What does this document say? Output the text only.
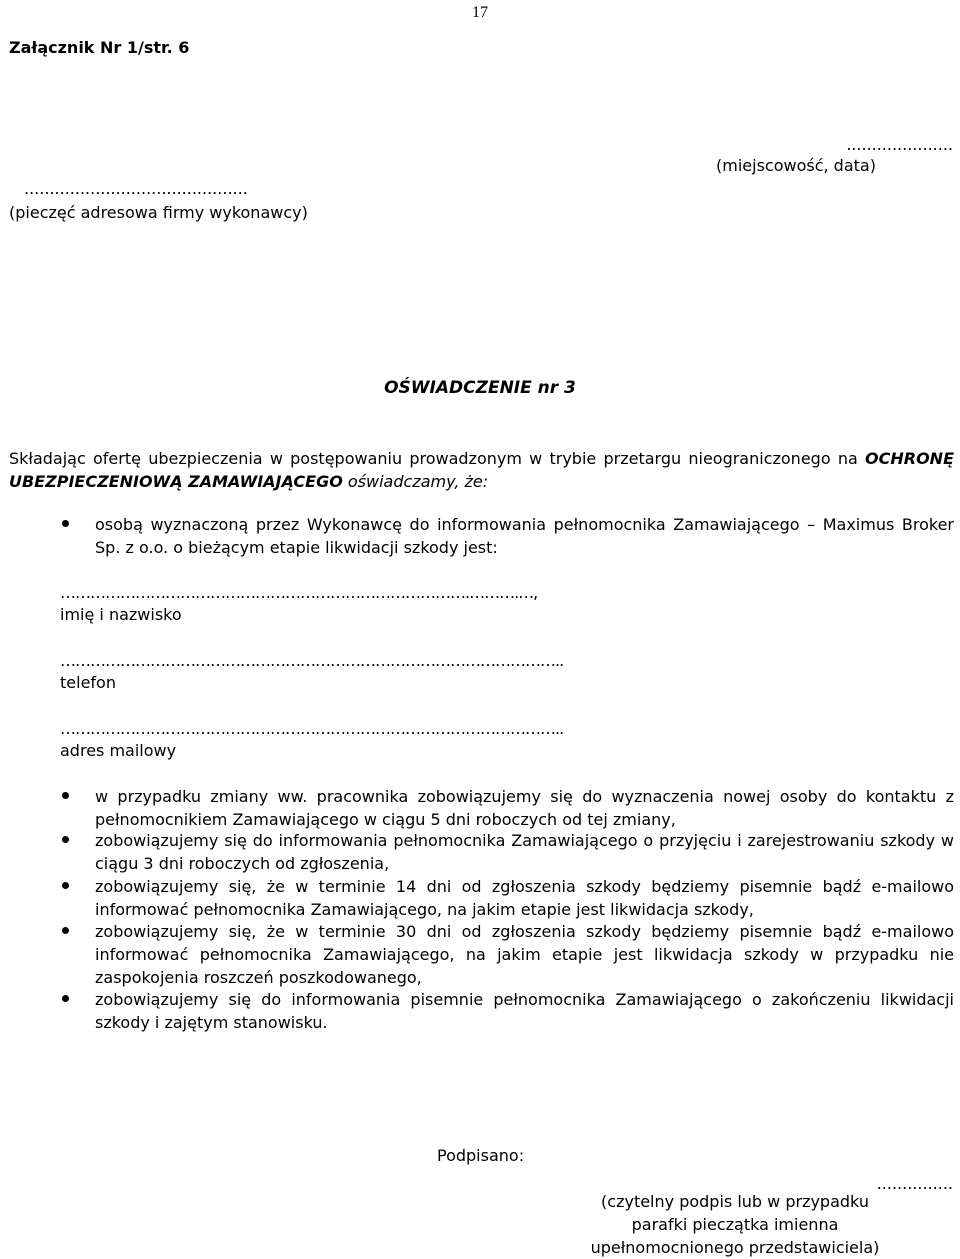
17
Załącznik Nr 1/str. 6
.....................
(miejscowość, data)
............................................
(pieczęć adresowa firmy wykonawcy)
OŚWIADCZENIE nr 3
Składając ofertę ubezpieczenia w postępowaniu prowadzonym w trybie przetargu nieograniczonego na OCHRONĘ UBEZPIECZENIOWĄ ZAMAWIAJĄCEGO oświadczamy, że:
osobą wyznaczoną przez Wykonawcę do informowania pełnomocnika Zamawiającego – Maximus Broker Sp. z o.o. o bieżącym etapie likwidacji szkody jest:
……………………………………………………………………….……….…,
imię i nazwisko
………………………………………………………………………………………..
telefon
………………………………………………………………………………………..
adres mailowy
w przypadku zmiany ww. pracownika zobowiązujemy się do wyznaczenia nowej osoby do kontaktu z pełnomocnikiem Zamawiającego w ciągu 5 dni roboczych od tej zmiany,
zobowiązujemy się do informowania pełnomocnika Zamawiającego o przyjęciu i zarejestrowaniu szkody w ciągu 3 dni roboczych od zgłoszenia,
zobowiązujemy się, że w terminie 14 dni od zgłoszenia szkody będziemy pisemnie bądź e-mailowo informować pełnomocnika Zamawiającego, na jakim etapie jest likwidacja szkody,
zobowiązujemy się, że w terminie 30 dni od zgłoszenia szkody będziemy pisemnie bądź e-mailowo informować pełnomocnika Zamawiającego, na jakim etapie jest likwidacja szkody w przypadku nie zaspokojenia roszczeń poszkodowanego,
zobowiązujemy się do informowania pisemnie pełnomocnika Zamawiającego o zakończeniu likwidacji szkody i zajętym stanowisku.
Podpisano:
...............
(czytelny podpis lub w przypadku
parafki pieczątka imienna
upełnomocnionego przedstawiciela)
